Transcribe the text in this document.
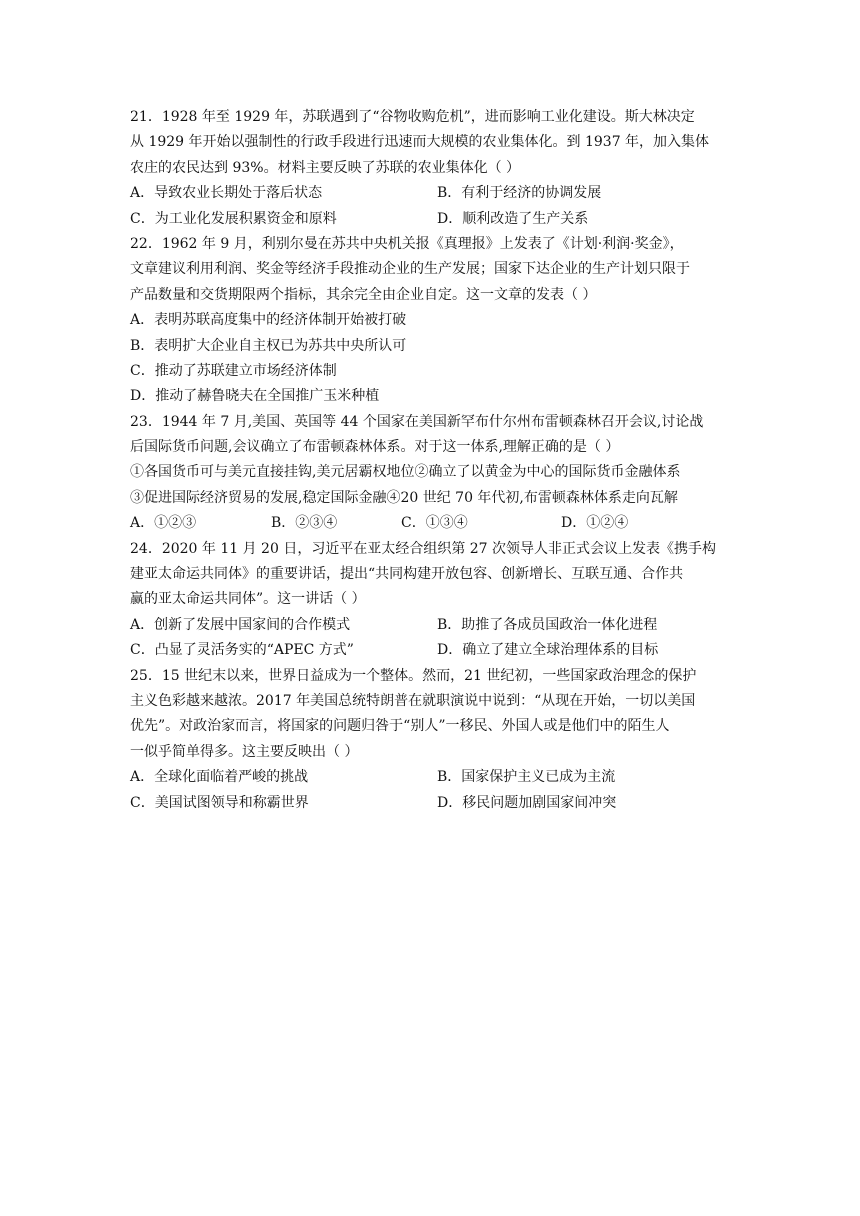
21．1928 年至 1929 年，苏联遇到了“谷物收购危机”，进而影响工业化建设。斯大林决定
从 1929 年开始以强制性的行政手段进行迅速而大规模的农业集体化。到 1937 年，加入集体
农庄的农民达到 93%。材料主要反映了苏联的农业集体化（ ）
A．导致农业长期处于落后状态	B．有利于经济的协调发展
C．为工业化发展积累资金和原料	D．顺利改造了生产关系
22．1962 年 9 月，利别尔曼在苏共中央机关报《真理报》上发表了《计划·利润·奖金》，
文章建议利用利润、奖金等经济手段推动企业的生产发展；国家下达企业的生产计划只限于
产品数量和交货期限两个指标，其余完全由企业自定。这一文章的发表（ ）
A．表明苏联高度集中的经济体制开始被打破
B．表明扩大企业自主权已为苏共中央所认可
C．推动了苏联建立市场经济体制
D．推动了赫鲁晓夫在全国推广玉米种植
23．1944 年 7 月,美国、英国等 44 个国家在美国新罕布什尔州布雷顿森林召开会议,讨论战
后国际货币问题,会议确立了布雷顿森林体系。对于这一体系,理解正确的是（ ）
①各国货币可与美元直接挂钩,美元居霸权地位②确立了以黄金为中心的国际货币金融体系
③促进国际经济贸易的发展,稳定国际金融④20 世纪 70 年代初,布雷顿森林体系走向瓦解
A．①②③	B．②③④	C．①③④	D．①②④
24．2020 年 11 月 20 日，习近平在亚太经合组织第 27 次领导人非正式会议上发表《携手构
建亚太命运共同体》的重要讲话，提出“共同构建开放包容、创新增长、互联互通、合作共
赢的亚太命运共同体”。这一讲话（ ）
A．创新了发展中国家间的合作模式	B．助推了各成员国政治一体化进程
C．凸显了灵活务实的“APEC 方式”	D．确立了建立全球治理体系的目标
25．15 世纪末以来，世界日益成为一个整体。然而，21 世纪初，一些国家政治理念的保护
主义色彩越来越浓。2017 年美国总统特朗普在就职演说中说到：“从现在开始，一切以美国
优先”。对政治家而言，将国家的问题归咎于“别人”一移民、外国人或是他们中的陌生人
一似乎简单得多。这主要反映出（ ）
A．全球化面临着严峻的挑战	B．国家保护主义已成为主流
C．美国试图领导和称霸世界	D．移民问题加剧国家间冲突
